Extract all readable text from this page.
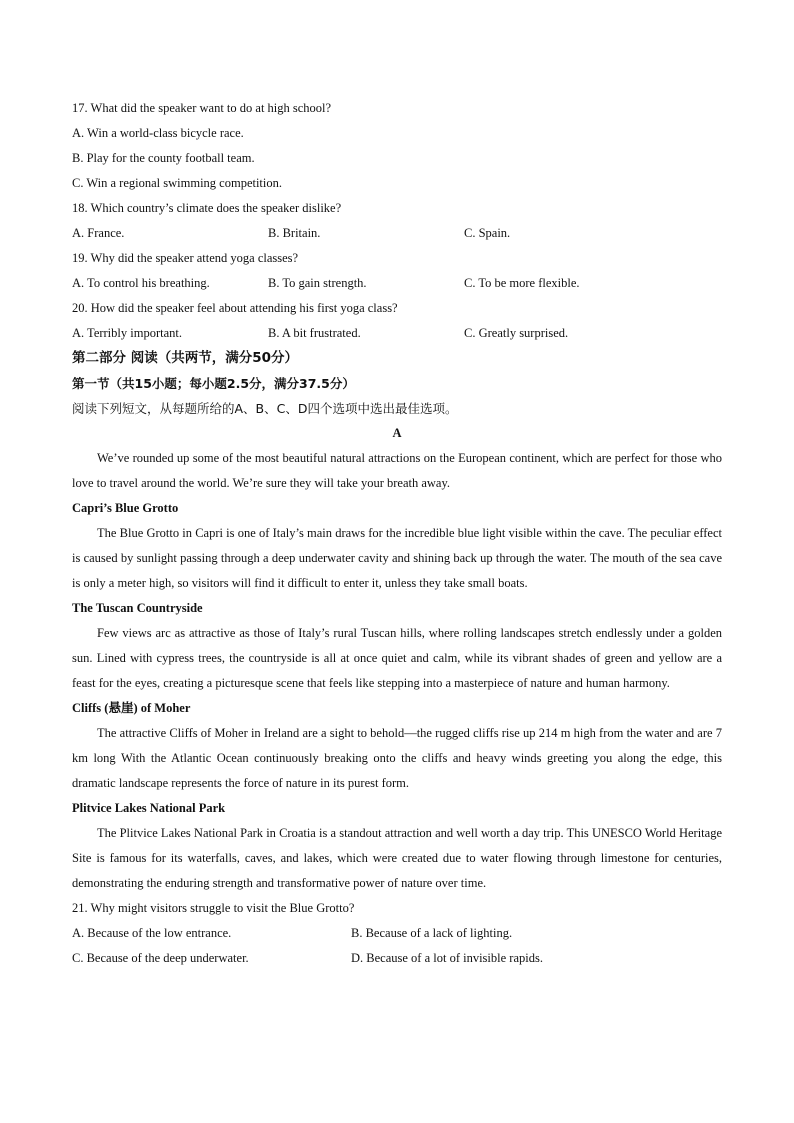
17. What did the speaker want to do at high school?
A. Win a world-class bicycle race.
B. Play for the county football team.
C. Win a regional swimming competition.
18. Which country’s climate does the speaker dislike?
A. France.	B. Britain.	C. Spain.
19. Why did the speaker attend yoga classes?
A. To control his breathing.	B. To gain strength.	C. To be more flexible.
20. How did the speaker feel about attending his first yoga class?
A. Terribly important.	B. A bit frustrated.	C. Greatly surprised.
第二部分 阅读（共两节，满分50分）
第一节（共15小题；每小题2.5分，满分37.5分）
阅读下列短文，从每题所给的A、B、C、D四个选项中选出最佳选项。
A

We’ve rounded up some of the most beautiful natural attractions on the European continent, which are perfect for those who love to travel around the world. We’re sure they will take your breath away.

Capri’s Blue Grotto

The Blue Grotto in Capri is one of Italy’s main draws for the incredible blue light visible within the cave. The peculiar effect is caused by sunlight passing through a deep underwater cavity and shining back up through the water. The mouth of the sea cave is only a meter high, so visitors will find it difficult to enter it, unless they take small boats.

The Tuscan Countryside

Few views arc as attractive as those of Italy’s rural Tuscan hills, where rolling landscapes stretch endlessly under a golden sun. Lined with cypress trees, the countryside is all at once quiet and calm, while its vibrant shades of green and yellow are a feast for the eyes, creating a picturesque scene that feels like stepping into a masterpiece of nature and human harmony.

Cliffs (悬崖) of Moher

The attractive Cliffs of Moher in Ireland are a sight to behold—the rugged cliffs rise up 214 m high from the water and are 7 km long With the Atlantic Ocean continuously breaking onto the cliffs and heavy winds greeting you along the edge, this dramatic landscape represents the force of nature in its purest form.

Plitvice Lakes National Park

The Plitvice Lakes National Park in Croatia is a standout attraction and well worth a day trip. This UNESCO World Heritage Site is famous for its waterfalls, caves, and lakes, which were created due to water flowing through limestone for centuries, demonstrating the enduring strength and transformative power of nature over time.

21. Why might visitors struggle to visit the Blue Grotto?
A. Because of the low entrance.	B. Because of a lack of lighting.
C. Because of the deep underwater.	D. Because of a lot of invisible rapids.
